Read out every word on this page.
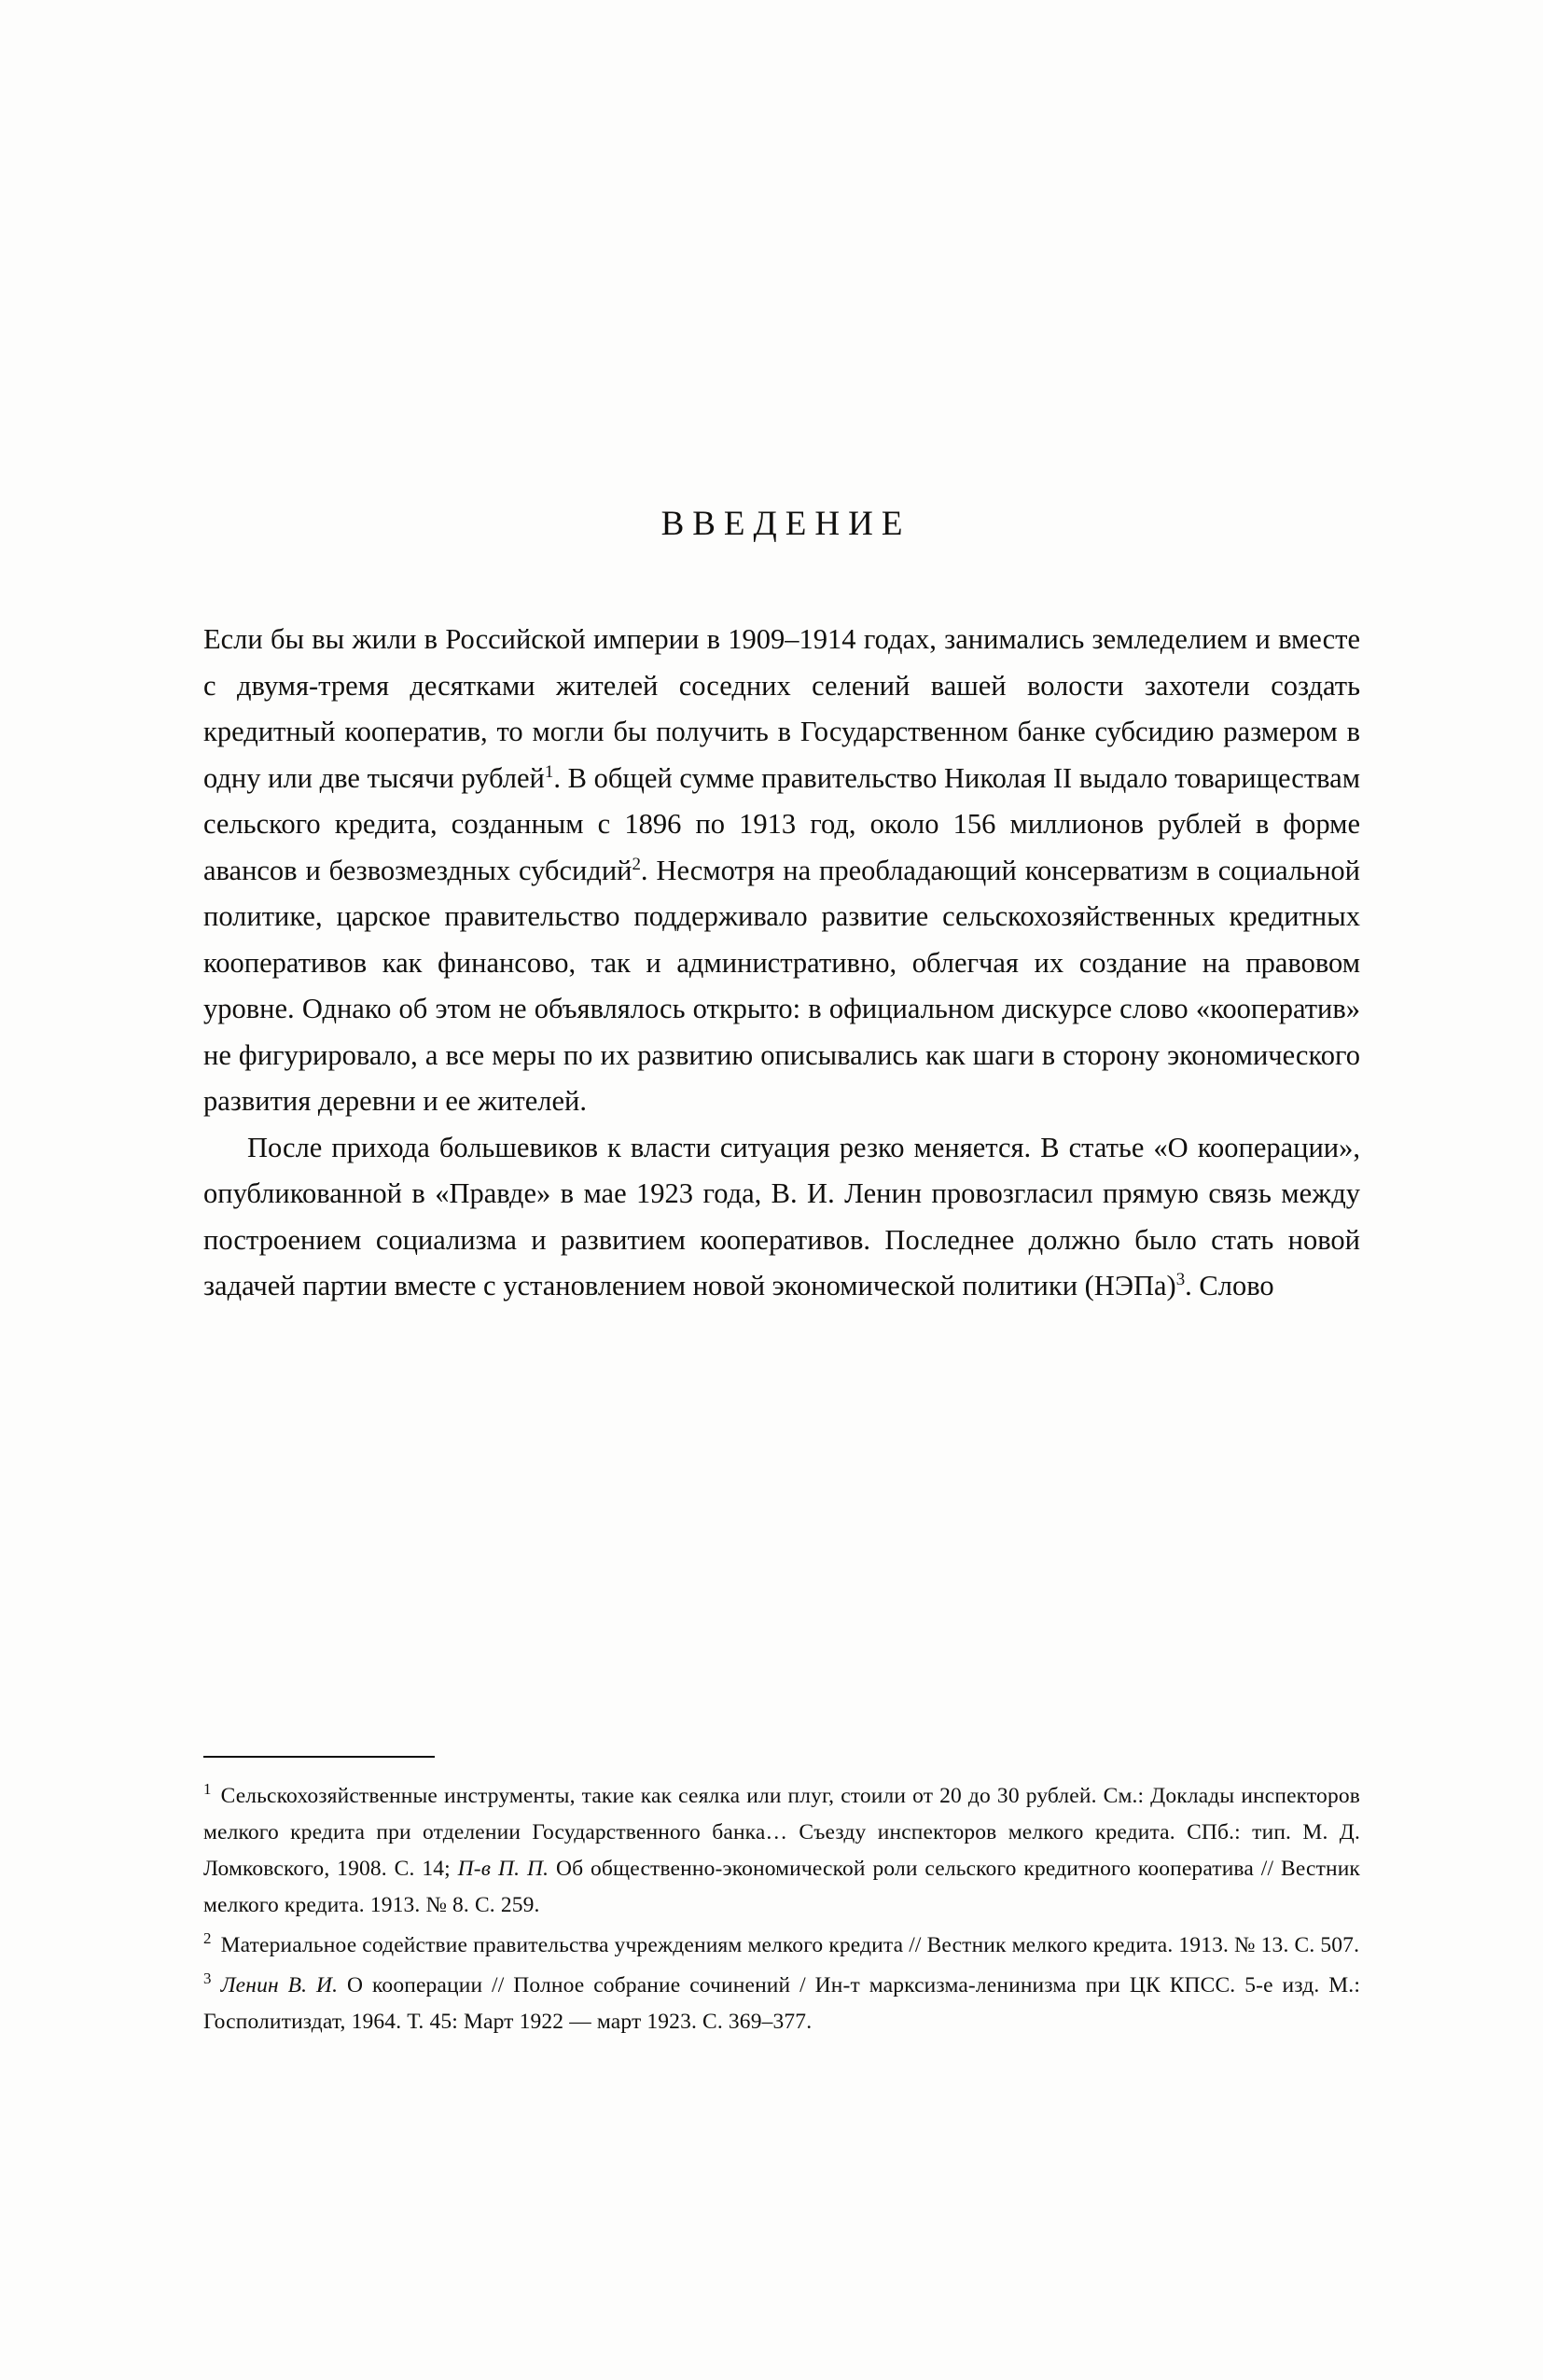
ВВЕДЕНИЕ

Если бы вы жили в Российской империи в 1909–1914 годах, занимались земледелием и вместе с двумя-тремя десятками жителей соседних селений вашей волости захотели создать кредитный кооператив, то могли бы получить в Государственном банке субсидию размером в одну или две тысячи рублей$^1$. В общей сумме правительство Николая II выдало товариществам сельского кредита, созданным с 1896 по 1913 год, около 156 миллионов рублей в форме авансов и безвозмездных субсидий$^2$. Несмотря на преобладающий консерватизм в социальной политике, царское правительство поддерживало развитие сельскохозяйственных кредитных кооперативов как финансово, так и административно, облегчая их создание на правовом уровне. Однако об этом не объявлялось открыто: в официальном дискурсе слово «кооператив» не фигурировало, а все меры по их развитию описывались как шаги в сторону экономического развития деревни и ее жителей.

После прихода большевиков к власти ситуация резко меняется. В статье «О кооперации», опубликованной в «Правде» в мае 1923 года, В. И. Ленин провозгласил прямую связь между построением социализма и развитием кооперативов. Последнее должно было стать новой задачей партии вместе с установлением новой экономической политики (НЭПа)$^3$. Слово

$^1$ Сельскохозяйственные инструменты, такие как сеялка или плуг, стоили от 20 до 30 рублей. См.: Доклады инспекторов мелкого кредита при отделении Государственного банка… Съезду инспекторов мелкого кредита. СПб.: тип. М. Д. Ломковского, 1908. С. 14; П-в П. П. Об общественно-экономической роли сельского кредитного кооператива // Вестник мелкого кредита. 1913. № 8. С. 259.

$^2$ Материальное содействие правительства учреждениям мелкого кредита // Вестник мелкого кредита. 1913. № 13. С. 507.

$^3$ Ленин В. И. О кооперации // Полное собрание сочинений / Ин-т марксизма-ленинизма при ЦК КПСС. 5-е изд. М.: Госполитиздат, 1964. Т. 45: Март 1922 — март 1923. С. 369–377.
